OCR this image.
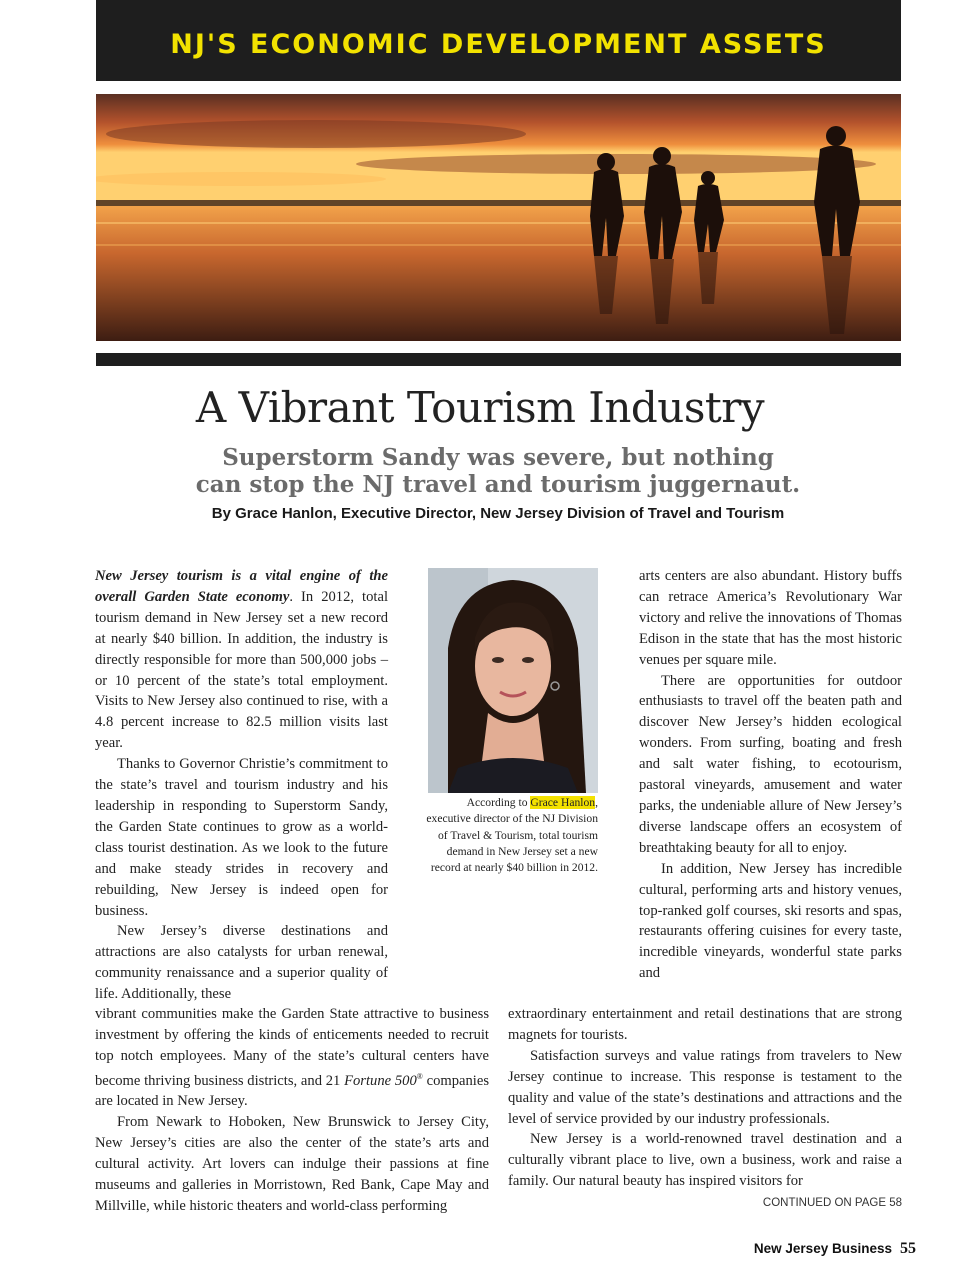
NJ'S ECONOMIC DEVELOPMENT ASSETS
A Vibrant Tourism Industry
Superstorm Sandy was severe, but nothing
can stop the NJ travel and tourism juggernaut.
By Grace Hanlon, Executive Director, New Jersey Division of Travel and Tourism

New Jersey tourism is a vital engine of the overall Garden State economy. In 2012, total tourism demand in New Jersey set a new record at nearly $40 billion. In addition, the industry is directly responsible for more than 500,000 jobs – or 10 percent of the state’s total employment. Visits to New Jersey also continued to rise, with a 4.8 percent increase to 82.5 million visits last year.

Thanks to Governor Christie’s commitment to the state’s travel and tourism industry and his leadership in responding to Superstorm Sandy, the Garden State continues to grow as a world-class tourist destination. As we look to the future and make steady strides in recovery and rebuilding, New Jersey is indeed open for business.

New Jersey’s diverse destinations and attractions are also catalysts for urban renewal, community renaissance and a superior quality of life. Additionally, these

vibrant communities make the Garden State attractive to business investment by offering the kinds of enticements needed to recruit top notch employees. Many of the state’s cultural centers have become thriving business districts, and 21 Fortune 500® companies are located in New Jersey.

From Newark to Hoboken, New Brunswick to Jersey City, New Jersey’s cities are also the center of the state’s arts and cultural activity. Art lovers can indulge their passions at fine museums and galleries in Morristown, Red Bank, Cape May and Millville, while historic theaters and world-class performing

According to Grace Hanlon, executive director of the NJ Division of Travel & Tourism, total tourism demand in New Jersey set a new record at nearly $40 billion in 2012.

arts centers are also abundant. History buffs can retrace America’s Revolutionary War victory and relive the innovations of Thomas Edison in the state that has the most historic venues per square mile.

There are opportunities for outdoor enthusiasts to travel off the beaten path and discover New Jersey’s hidden ecological wonders. From surfing, boating and fresh and salt water fishing, to ecotourism, pastoral vineyards, amusement and water parks, the undeniable allure of New Jersey’s diverse landscape offers an ecosystem of breathtaking beauty for all to enjoy.

In addition, New Jersey has incredible cultural, performing arts and history venues, top-ranked golf courses, ski resorts and spas, restaurants offering cuisines for every taste, incredible vineyards, wonderful state parks and

extraordinary entertainment and retail destinations that are strong magnets for tourists.

Satisfaction surveys and value ratings from travelers to New Jersey continue to increase. This response is testament to the quality and value of the state’s destinations and attractions and the level of service provided by our industry professionals.

New Jersey is a world-renowned travel destination and a culturally vibrant place to live, own a business, work and raise a family. Our natural beauty has inspired visitors for

CONTINUED ON PAGE 58
New Jersey Business 55
